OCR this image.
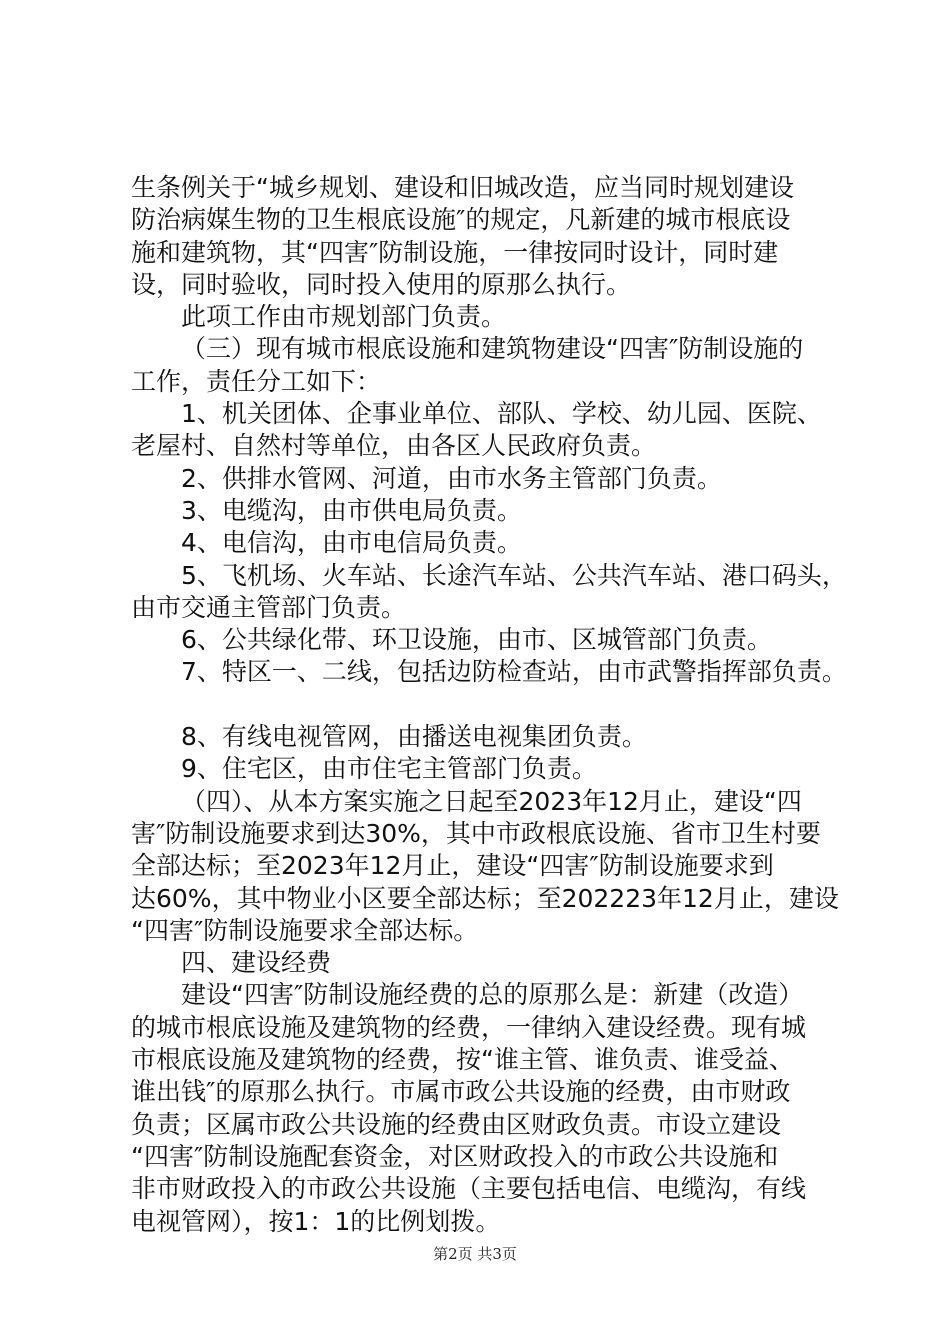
生条例关于“城乡规划、建设和旧城改造，应当同时规划建设
防治病媒生物的卫生根底设施″的规定，凡新建的城市根底设
施和建筑物，其“四害″防制设施，一律按同时设计，同时建
设，同时验收，同时投入使用的原那么执行。
此项工作由市规划部门负责。
（三）现有城市根底设施和建筑物建设“四害″防制设施的
工作，责任分工如下：
1、机关团体、企事业单位、部队、学校、幼儿园、医院、
老屋村、自然村等单位，由各区人民政府负责。
2、供排水管网、河道，由市水务主管部门负责。
3、电缆沟，由市供电局负责。
4、电信沟，由市电信局负责。
5、飞机场、火车站、长途汽车站、公共汽车站、港口码头，
由市交通主管部门负责。
6、公共绿化带、环卫设施，由市、区城管部门负责。
7、特区一、二线，包括边防检查站，由市武警指挥部负责。
8、有线电视管网，由播送电视集团负责。
9、住宅区，由市住宅主管部门负责。
（四）、从本方案实施之日起至2023年12月止，建设“四
害″防制设施要求到达30%，其中市政根底设施、省市卫生村要
全部达标；至2023年12月止，建设“四害″防制设施要求到
达60%，其中物业小区要全部达标；至202223年12月止，建设
“四害″防制设施要求全部达标。
四、建设经费
建设“四害″防制设施经费的总的原那么是：新建（改造）
的城市根底设施及建筑物的经费，一律纳入建设经费。现有城
市根底设施及建筑物的经费，按“谁主管、谁负责、谁受益、
谁出钱″的原那么执行。市属市政公共设施的经费，由市财政
负责；区属市政公共设施的经费由区财政负责。市设立建设
“四害″防制设施配套资金，对区财政投入的市政公共设施和
非市财政投入的市政公共设施（主要包括电信、电缆沟，有线
电视管网），按1：1的比例划拨。
第2页 共3页
